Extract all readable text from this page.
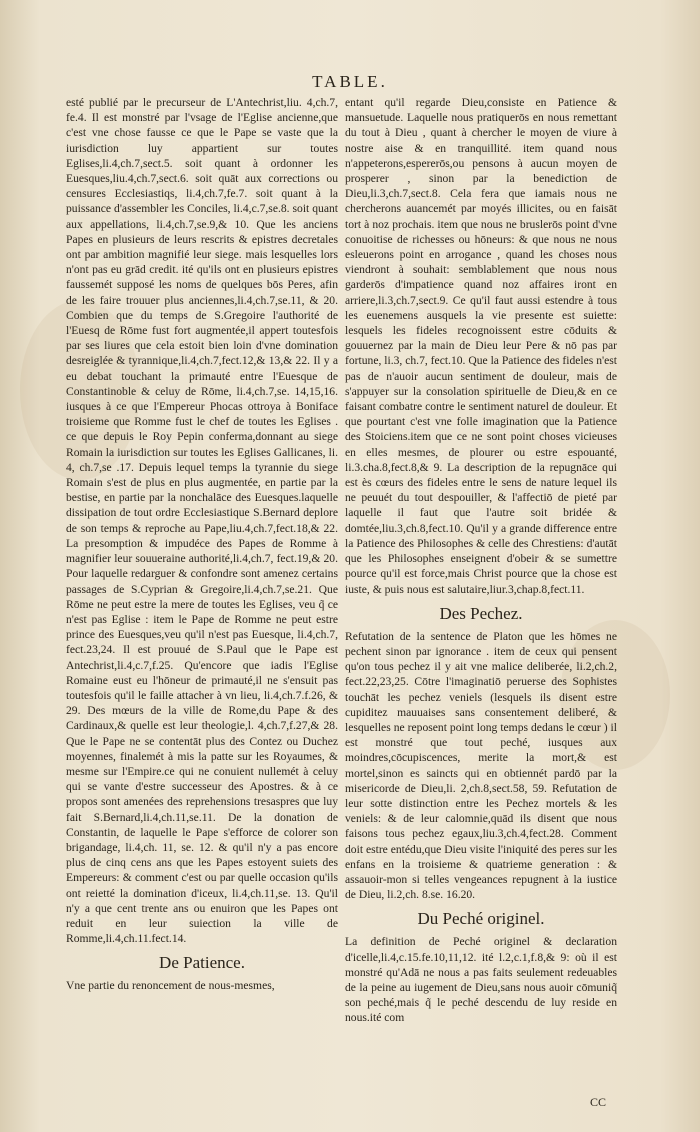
TABLE.

esté publié par le precurseur de L'Antechrist,liu. 4,ch.7, fe.4. Il est monstré par l'vsage de l'Eglise ancienne,que c'est vne chose fausse ce que le Pape se vaste que la iurisdiction luy appartient sur toutes Eglises,li.4,ch.7,sect.5. soit quant à ordonner les Euesques,liu.4,ch.7,sect.6. soit quāt aux corrections ou censures Ecclesiastiqs, li.4,ch.7,fe.7. soit quant à la puissance d'assembler les Conciles, li.4,c.7,se.8. soit quant aux appellations, li.4,ch.7,se.9,& 10. Que les anciens Papes en plusieurs de leurs rescrits & epistres decretales ont par ambition magnifié leur siege. mais lesquelles lors n'ont pas eu grād credit. ité qu'ils ont en plusieurs epistres faussemét supposé les noms de quelques bōs Peres, afin de les faire trouuer plus anciennes,li.4,ch.7,se.11, & 20. Combien que du temps de S.Gregoire l'authorité de l'Euesq de Rōme fust fort augmentée,il appert toutesfois par ses liures que cela estoit bien loin d'vne domination desreiglée & tyrannique,li.4,ch.7,fect.12,& 13,& 22. Il y a eu debat touchant la primauté entre l'Euesque de Constantinoble & celuy de Rōme, li.4,ch.7,se. 14,15,16. iusques à ce que l'Empereur Phocas ottroya à Boniface troisieme que Romme fust le chef de toutes les Eglises . ce que depuis le Roy Pepin conferma,donnant au siege Romain la iurisdiction sur toutes les Eglises Gallicanes, li. 4, ch.7,se .17. Depuis lequel temps la tyrannie du siege Romain s'est de plus en plus augmentée, en partie par la bestise, en partie par la nonchalāce des Euesques.laquelle dissipation de tout ordre Ecclesiastique S.Bernard deplore de son temps & reproche au Pape,liu.4,ch.7,fect.18,& 22. La presomption & impudéce des Papes de Romme à magnifier leur souueraine authorité,li.4,ch.7, fect.19,& 20. Pour laquelle redarguer & confondre sont amenez certains passages de S.Cyprian & Gregoire,li.4,ch.7,se.21. Que Rōme ne peut estre la mere de toutes les Eglises, veu q̃ ce n'est pas Eglise : item le Pape de Romme ne peut estre prince des Euesques,veu qu'il n'est pas Euesque, li.4,ch.7, fect.23,24. Il est prouué de S.Paul que le Pape est Antechrist,li.4,c.7,f.25. Qu'encore que iadis l'Eglise Romaine eust eu l'hōneur de primauté,il ne s'ensuit pas toutesfois qu'il le faille attacher à vn lieu, li.4,ch.7.f.26, & 29. Des mœurs de la ville de Rome,du Pape & des Cardinaux,& quelle est leur theologie,l. 4,ch.7,f.27,& 28. Que le Pape ne se contentāt plus des Contez ou Duchez moyennes, finalemét à mis la patte sur les Royaumes, & mesme sur l'Empire.ce qui ne conuient nullemét à celuy qui se vante d'estre successeur des Apostres. & à ce propos sont amenées des reprehensions tresaspres que luy fait S.Bernard,li.4,ch.11,se.11. De la donation de Constantin, de laquelle le Pape s'efforce de colorer son brigandage, li.4,ch. 11, se. 12. & qu'il n'y a pas encore plus de cinq cens ans que les Papes estoyent suiets des Empereurs: & comment c'est ou par quelle occasion qu'ils ont reietté la domination d'iceux, li.4,ch.11,se. 13. Qu'il n'y a que cent trente ans ou enuiron que les Papes ont reduit en leur suiection la ville de Romme,li.4,ch.11.fect.14.

De Patience.

Vne partie du renoncement de nous-mesmes,

entant qu'il regarde Dieu,consiste en Patience & mansuetude. Laquelle nous pratiquerōs en nous remettant du tout à Dieu , quant à chercher le moyen de viure à nostre aise & en tranquillité. item quand nous n'appeterons,espererōs,ou pensons à aucun moyen de prosperer , sinon par la benediction de Dieu,li.3,ch.7,sect.8. Cela fera que iamais nous ne chercherons auancemét par moyés illicites, ou en faisāt tort à noz prochais. item que nous ne bruslerōs point d'vne conuoitise de richesses ou hōneurs: & que nous ne nous esleuerons point en arrogance , quand les choses nous viendront à souhait: semblablement que nous nous garderōs d'impatience quand noz affaires iront en arriere,li.3,ch.7,sect.9. Ce qu'il faut aussi estendre à tous les euenemens ausquels la vie presente est suiette: lesquels les fideles recognoissent estre cōduits & gouuernez par la main de Dieu leur Pere & nō pas par fortune, li.3, ch.7, fect.10. Que la Patience des fideles n'est pas de n'auoir aucun sentiment de douleur, mais de s'appuyer sur la consolation spirituelle de Dieu,& en ce faisant combatre contre le sentiment naturel de douleur. Et que pourtant c'est vne folle imagination que la Patience des Stoiciens.item que ce ne sont point choses vicieuses en elles mesmes, de plourer ou estre espouanté, li.3.cha.8,fect.8,& 9. La description de la repugnāce qui est ès cœurs des fideles entre le sens de nature lequel ils ne peuuét du tout despouiller, & l'affectiō de pieté par laquelle il faut que l'autre soit bridée & domtée,liu.3,ch.8,fect.10. Qu'il y a grande difference entre la Patience des Philosophes & celle des Chrestiens: d'autāt que les Philosophes enseignent d'obeir & se sumettre pource qu'il est force,mais Christ pource que la chose est iuste, & puis nous est salutaire,liur.3,chap.8,fect.11.

Des Pechez.

Refutation de la sentence de Platon que les hōmes ne pechent sinon par ignorance . item de ceux qui pensent qu'on tous pechez il y ait vne malice deliberée, li.2,ch.2, fect.22,23,25. Cōtre l'imaginatiō peruerse des Sophistes touchāt les pechez veniels (lesquels ils disent estre cupiditez mauuaises sans consentement deliberé, & lesquelles ne reposent point long temps dedans le cœur ) il est monstré que tout peché, iusques aux moindres,cōcupiscences, merite la mort,& est mortel,sinon es saincts qui en obtiennét pardō par la misericorde de Dieu,li. 2,ch.8,sect.58, 59. Refutation de leur sotte distinction entre les Pechez mortels & les veniels: & de leur calomnie,quād ils disent que nous faisons tous pechez egaux,liu.3,ch.4,fect.28. Comment doit estre entédu,que Dieu visite l'iniquité des peres sur les enfans en la troisieme & quatrieme generation : & assauoir-mon si telles vengeances repugnent à la iustice de Dieu, li.2,ch. 8.se. 16.20.

Du Peché originel.

La definition de Peché originel & declaration d'icelle,li.4,c.15.fe.10,11,12. ité l.2,c.1,f.8,& 9: où il est monstré qu'Adā ne nous a pas faits seulement redeuables de la peine au iugement de Dieu,sans nous auoir cōmuniq̃ son peché,mais q̃ le peché descendu de luy reside en nous.ité com

CC
